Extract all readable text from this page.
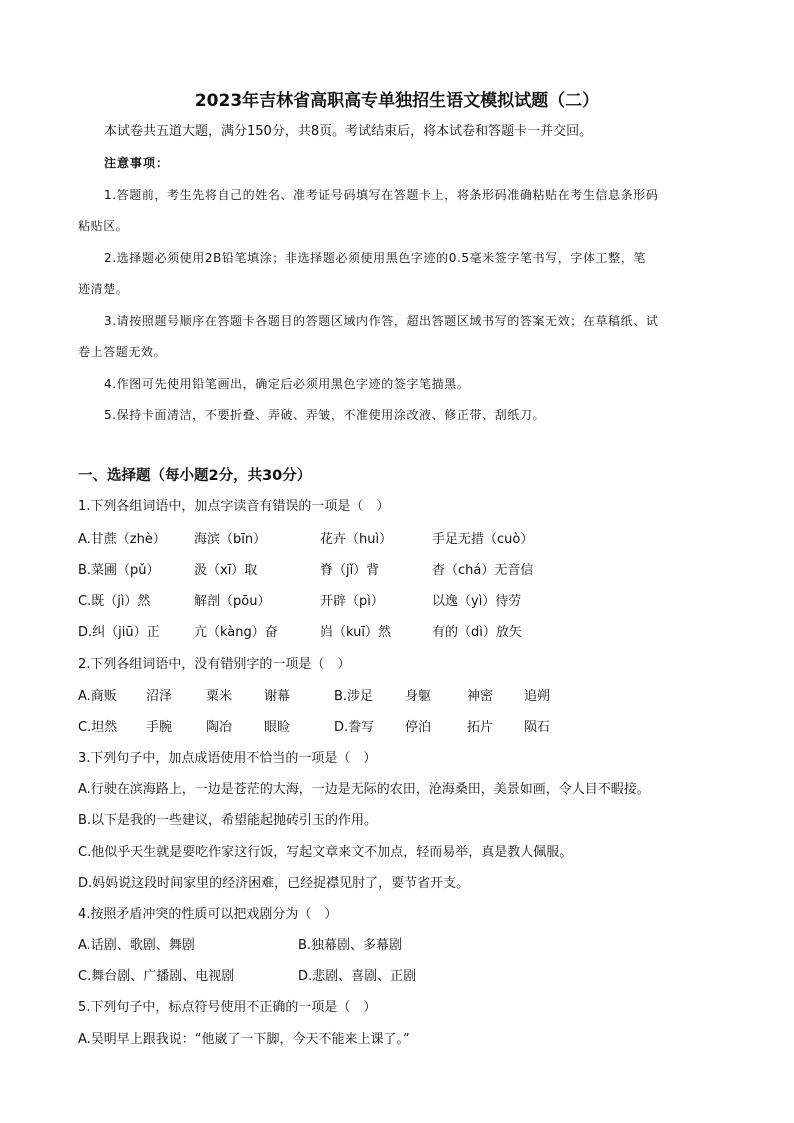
2023年吉林省高职高专单独招生语文模拟试题（二）
本试卷共五道大题，满分150分，共8页。考试结束后，将本试卷和答题卡一并交回。
注意事项：
1.答题前，考生先将自己的姓名、准考证号码填写在答题卡上，将条形码准确粘贴在考生信息条形码
粘贴区。
2.选择题必须使用2B铅笔填涂；非选择题必须使用黑色字迹的0.5毫米签字笔书写，字体工整，笔
迹清楚。
3.请按照题号顺序在答题卡各题目的答题区域内作答，超出答题区域书写的答案无效；在草稿纸、试
卷上答题无效。
4.作图可先使用铅笔画出，确定后必须用黑色字迹的签字笔描黑。
5.保持卡面清洁，不要折叠、弄破、弄皱，不准使用涂改液、修正带、刮纸刀。
一、选择题（每小题2分，共30分）
1.下列各组词语中，加点字读音有错误的一项是（　）
A.甘蔗（zhè） 海滨（bīn）	花卉（huì）	手足无措（cuò）
B.菜圃（pǔ）	汲（xī）取	脊（jǐ）背	杳（chá）无音信
C.既（jì）然	解剖（pōu）	开辟（pì）	以逸（yì）待劳
D.纠（jiū）正	亢（kàng）奋	岿（kuī）然	有的（dì）放矢
2.下列各组词语中，没有错别字的一项是（　）
A.商贩 沼泽	粟米 谢幕	B.涉足 身躯	神密 追朔
C.坦然 手腕	陶冶 眼睑	D.誊写 停泊	拓片 陨石
3.下列句子中，加点成语使用不恰当的一项是（　）
A.行驶在滨海路上，一边是苍茫的大海，一边是无际的农田，沧海桑田，美景如画，令人目不暇接。
B.以下是我的一些建议，希望能起抛砖引玉的作用。
C.他似乎天生就是要吃作家这行饭，写起文章来文不加点，轻而易举，真是教人佩服。
D.妈妈说这段时间家里的经济困难，已经捉襟见肘了，要节省开支。
4.按照矛盾冲突的性质可以把戏剧分为（　）
A.话剧、歌剧、舞剧	B.独幕剧、多幕剧
C.舞台剧、广播剧、电视剧	D.悲剧、喜剧、正剧
5.下列句子中，标点符号使用不正确的一项是（　）
A.吴明早上跟我说：“他崴了一下脚，今天不能来上课了。”
